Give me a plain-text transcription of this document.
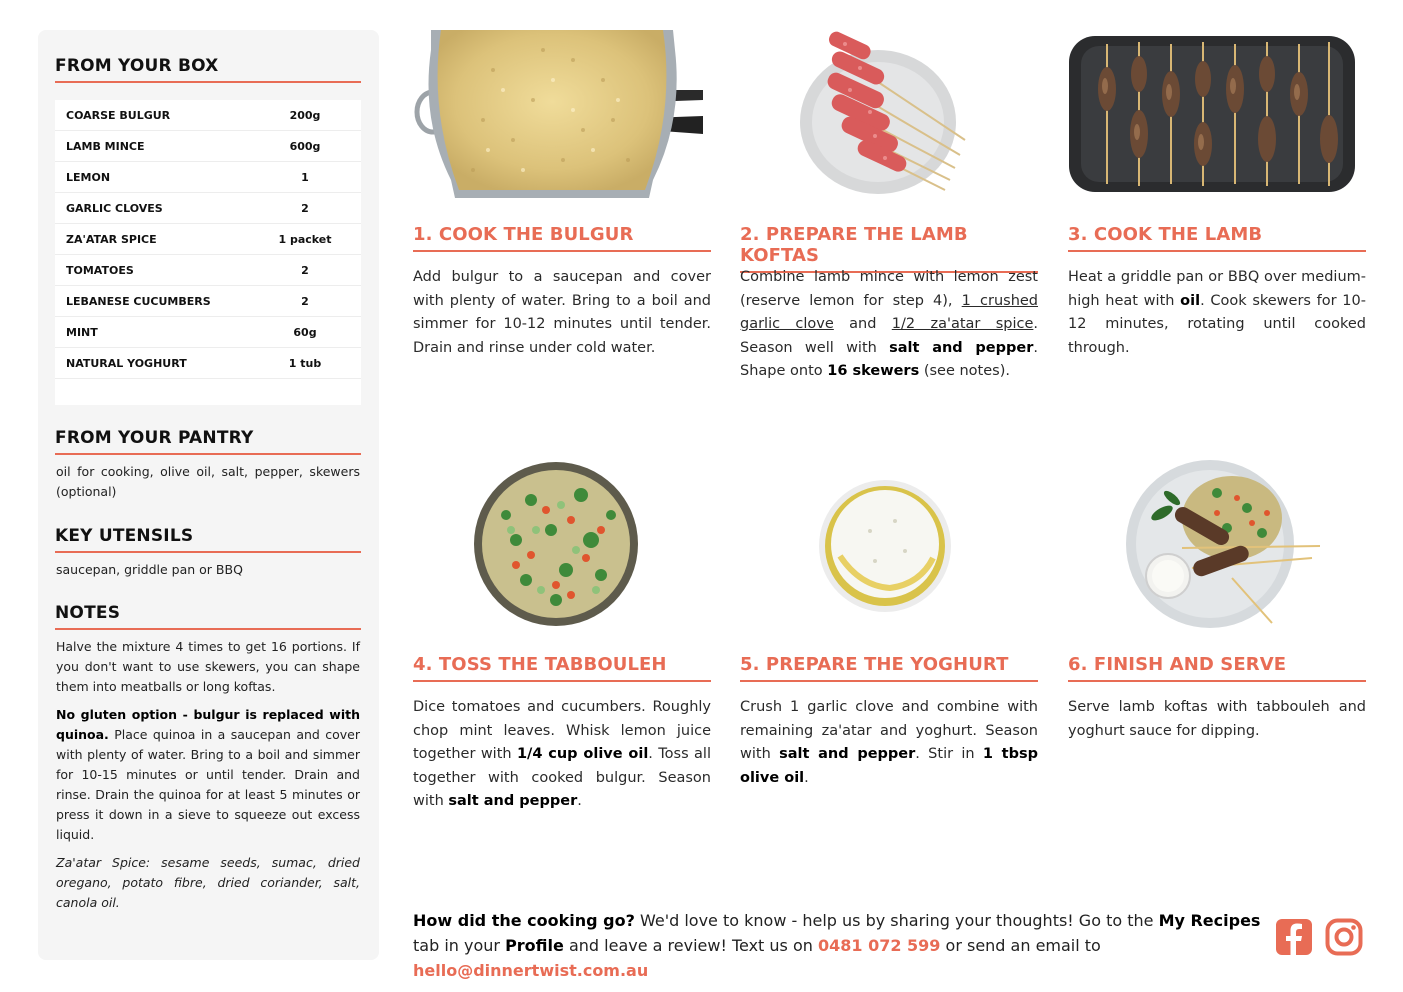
FROM YOUR BOX
COARSE BULGUR	200g
LAMB MINCE	600g
LEMON	1
GARLIC CLOVES	2
ZA'ATAR SPICE	1 packet
TOMATOES	2
LEBANESE CUCUMBERS	2
MINT	60g
NATURAL YOGHURT	1 tub
FROM YOUR PANTRY
oil for cooking, olive oil, salt, pepper, skewers (optional)
KEY UTENSILS
saucepan, griddle pan or BBQ
NOTES

Halve the mixture 4 times to get 16 portions. If you don't want to use skewers, you can shape them into meatballs or long koftas.

No gluten option - bulgur is replaced with quinoa. Place quinoa in a saucepan and cover with plenty of water. Bring to a boil and simmer for 10-15 minutes or until tender. Drain and rinse. Drain the quinoa for at least 5 minutes or press it down in a sieve to squeeze out excess liquid.

Za'atar Spice: sesame seeds, sumac, dried oregano, potato fibre, dried coriander, salt, canola oil.

1. COOK THE BULGUR
Add bulgur to a saucepan and cover with plenty of water. Bring to a boil and simmer for 10-12 minutes until tender. Drain and rinse under cold water.
2. PREPARE THE LAMB KOFTAS
Combine lamb mince with lemon zest (reserve lemon for step 4), 1 crushed garlic clove and 1/2 za'atar spice. Season well with salt and pepper. Shape onto 16 skewers (see notes).
3. COOK THE LAMB
Heat a griddle pan or BBQ over medium-high heat with oil. Cook skewers for 10-12 minutes, rotating until cooked through.
4. TOSS THE TABBOULEH
Dice tomatoes and cucumbers. Roughly chop mint leaves. Whisk lemon juice together with 1/4 cup olive oil. Toss all together with cooked bulgur. Season with salt and pepper.
5. PREPARE THE YOGHURT
Crush 1 garlic clove and combine with remaining za'atar and yoghurt. Season with salt and pepper. Stir in 1 tbsp olive oil.
6. FINISH AND SERVE
Serve lamb koftas with tabbouleh and yoghurt sauce for dipping.
How did the cooking go? We'd love to know - help us by sharing your thoughts! Go to the My Recipes tab in your Profile and leave a review! Text us on 0481 072 599 or send an email to hello@dinnertwist.com.au
